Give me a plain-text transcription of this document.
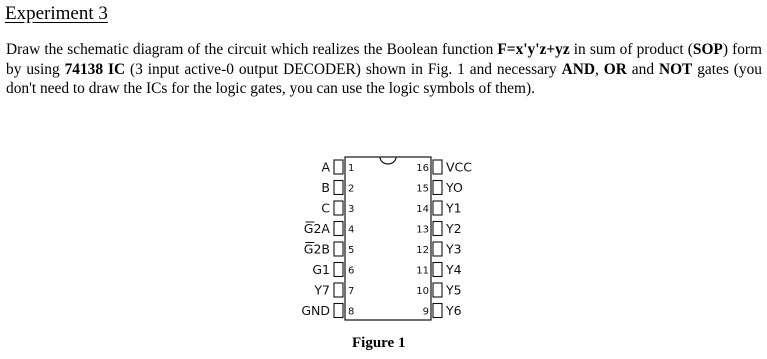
Experiment 3
Draw the schematic diagram of the circuit which realizes the Boolean function F=x'y'z+yz in sum of product (SOP) form by using 74138 IC (3 input active-0 output DECODER) shown in Fig. 1 and necessary AND, OR and NOT gates (you don't need to draw the ICs for the logic gates, you can use the logic symbols of them).
A 1
B 2
C 3
G2A 4
G2B 5
G1 6
Y7 7
GND 8
16 VCC
15 YO
14 Y1
13 Y2
12 Y3
11 Y4
10 Y5
9 Y6
Figure 1
